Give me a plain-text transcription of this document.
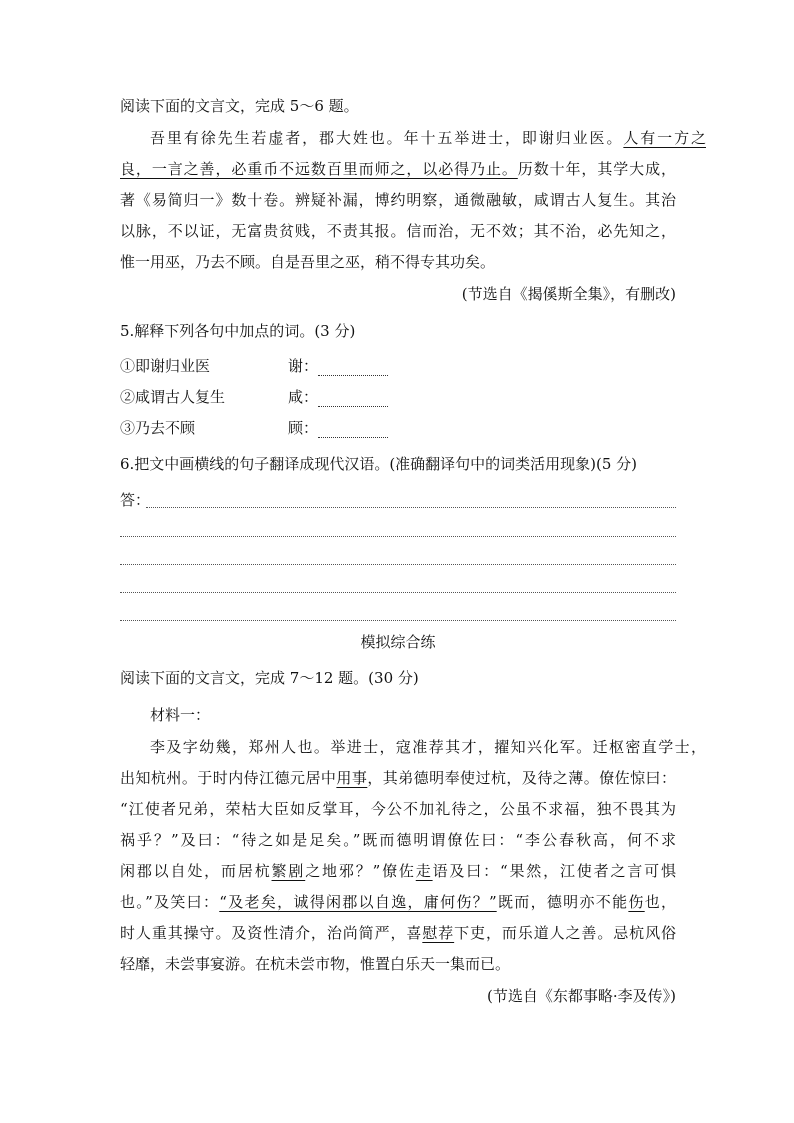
阅读下面的文言文，完成 5～6 题。
吾里有徐先生若虚者，郡大姓也。年十五举进士，即谢归业医。人有一方之
良，一言之善，必重币不远数百里而师之，以必得乃止。历数十年，其学大成，
著《易简归一》数十卷。辨疑补漏，博约明察，通微融敏，咸谓古人复生。其治
以脉，不以证，无富贵贫贱，不责其报。信而治，无不效；其不治，必先知之，
惟一用巫，乃去不顾。自是吾里之巫，稍不得专其功矣。
(节选自《揭傒斯全集》，有删改)
5.解释下列各句中加点的词。(3 分)
①即谢归业医	谢：
②咸谓古人复生	咸：
③乃去不顾	顾：
6.把文中画横线的句子翻译成现代汉语。(准确翻译句中的词类活用现象)(5 分)
答：
模拟综合练
阅读下面的文言文，完成 7～12 题。(30 分)
材料一：
李及字幼幾，郑州人也。举进士，寇准荐其才，擢知兴化军。迁枢密直学士，
出知杭州。于时内侍江德元居中用事，其弟德明奉使过杭，及待之薄。僚佐惊曰：
“江使者兄弟，荣枯大臣如反掌耳，今公不加礼待之，公虽不求福，独不畏其为
祸乎？”及曰：“待之如是足矣。”既而德明谓僚佐曰：“李公春秋高，何不求
闲郡以自处，而居杭繁剧之地邪？”僚佐走语及曰：“果然，江使者之言可惧
也。”及笑曰：“及老矣，诚得闲郡以自逸，庸何伤？”既而，德明亦不能伤也，
时人重其操守。及资性清介，治尚简严，喜慰荐下吏，而乐道人之善。忌杭风俗
轻靡，未尝事宴游。在杭未尝市物，惟置白乐天一集而已。
(节选自《东都事略·李及传》)
